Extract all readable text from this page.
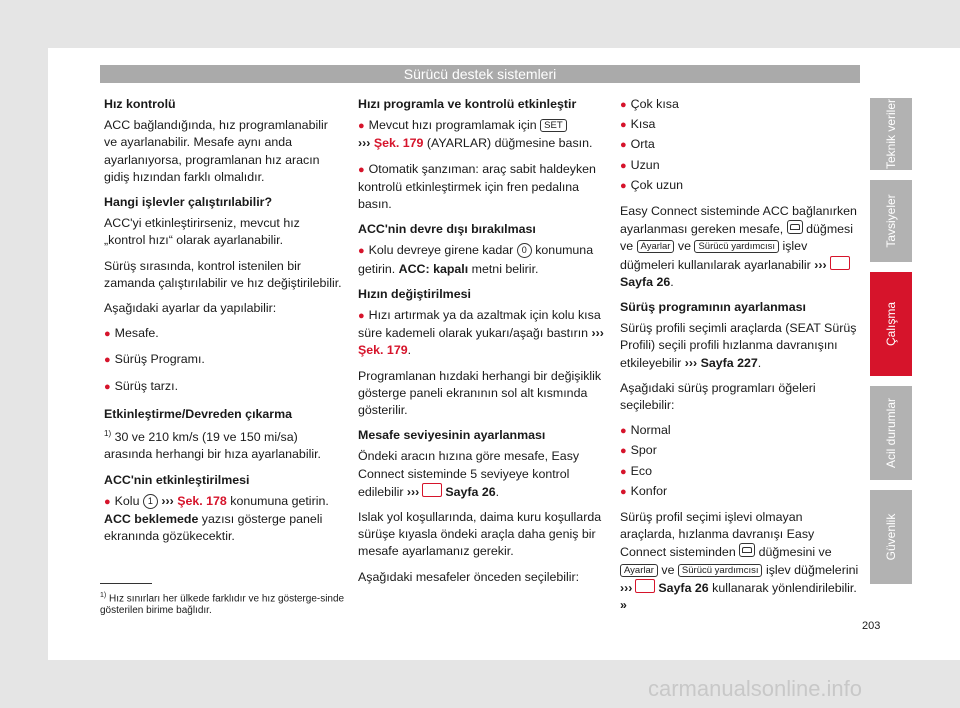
Sürücü destek sistemleri

Hız kontrolü

ACC bağlandığında, hız programlanabilir ve ayarlanabilir. Mesafe aynı anda ayarlanıyorsa, programlanan hız aracın gidiş hızından farklı olmalıdır.

Hangi işlevler çalıştırılabilir?

ACC'yi etkinleştirirseniz, mevcut hız „kontrol hızı“ olarak ayarlanabilir.

Sürüş sırasında, kontrol istenilen bir zamanda çalıştırılabilir ve hız değiştirilebilir.

Aşağıdaki ayarlar da yapılabilir:

● Mesafe.

● Sürüş Programı.

● Sürüş tarzı.

Etkinleştirme/Devreden çıkarma

$^{1)}$ 30 ve 210 km/s (19 ve 150 mi/sa) arasında herhangi bir hıza ayarlanabilir.

ACC'nin etkinleştirilmesi

● Kolu 1 ››› Şek. 178 konumuna getirin. ACC beklemede yazısı gösterge paneli ekranında gözükecektir.

Hızı programla ve kontrolü etkinleştir

● Mevcut hızı programlamak için SET
››› Şek. 179 (AYARLAR) düğmesine basın.

● Otomatik şanzıman: araç sabit haldeyken kontrolü etkinleştirmek için fren pedalına basın.

ACC'nin devre dışı bırakılması

● Kolu devreye girene kadar 0 konumuna getirin. ACC: kapalı metni belirir.

Hızın değiştirilmesi

● Hızı artırmak ya da azaltmak için kolu kısa süre kademeli olarak yukarı/aşağı bastırın ››› Şek. 179.

Programlanan hızdaki herhangi bir değişiklik gösterge paneli ekranının sol alt kısmında gösterilir.

Mesafe seviyesinin ayarlanması

Öndeki aracın hızına göre mesafe, Easy Connect sisteminde 5 seviyeye kontrol edilebilir ››› Sayfa 26.

Islak yol koşullarında, daima kuru koşullarda sürüşe kıyasla öndeki araçla daha geniş bir mesafe ayarlamanız gerekir.

Aşağıdaki mesafeler önceden seçilebilir:

● Çok kısa

● Kısa

● Orta

● Uzun

● Çok uzun

Easy Connect sisteminde ACC bağlanırken ayarlanması gereken mesafe, düğmesi ve Ayarlar ve Sürücü yardımcısı işlev düğmeleri kullanılarak ayarlanabilir ›››Sayfa 26.

Sürüş programının ayarlanması

Sürüş profili seçimli araçlarda (SEAT Sürüş Profili) seçili profili hızlanma davranışını etkileyebilir ››› Sayfa 227.

Aşağıdaki sürüş programları öğeleri seçilebilir:

● Normal

● Spor

● Eco

● Konfor

Sürüş profil seçimi işlevi olmayan araçlarda, hızlanma davranışı Easy Connect sisteminden düğmesini ve Ayarlar ve Sürücü yardımcısı işlev düğmelerini
››› Sayfa 26 kullanarak yönlendirilebilir. »

Teknik veriler
Tavsiyeler
Çalışma
Acil durumlar
Güvenlik
$^{1)}$ Hız sınırları her ülkede farklıdır ve hız gösterge-sinde gösterilen birime bağlıdır.
203
carmanualsonline.info
